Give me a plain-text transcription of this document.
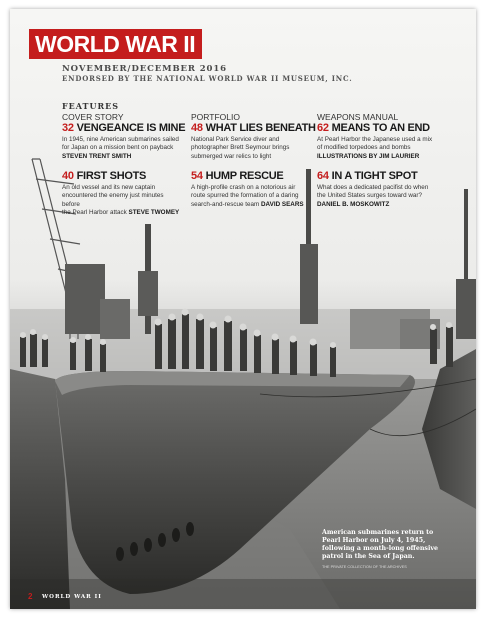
WORLD WAR II
NOVEMBER/DECEMBER 2016
ENDORSED BY THE NATIONAL WORLD WAR II MUSEUM, INC.
FEATURES
COVER STORY
32 VENGEANCE IS MINE
In 1945, nine American submarines sailed
for Japan on a mission bent on payback
STEVEN TRENT SMITH
PORTFOLIO
48 WHAT LIES BENEATH
National Park Service diver and
photographer Brett Seymour brings
submerged war relics to light
WEAPONS MANUAL
62 MEANS TO AN END
At Pearl Harbor the Japanese used a mix
of modified torpedoes and bombs
ILLUSTRATIONS BY JIM LAURIER
40 FIRST SHOTS
An old vessel and its new captain
encountered the enemy just minutes before
the Pearl Harbor attack STEVE TWOMEY
54 HUMP RESCUE
A high-profile crash on a notorious air
route spurred the formation of a daring
search-and-rescue team DAVID SEARS
64 IN A TIGHT SPOT
What does a dedicated pacifist do when
the United States surges toward war?
DANIEL B. MOSKOWITZ
American submarines return to Pearl Harbor on July 4, 1945, following a month-long offensive patrol in the Sea of Japan.
THE PRIVATE COLLECTION OF THE ARCHIVES
2 WORLD WAR II
